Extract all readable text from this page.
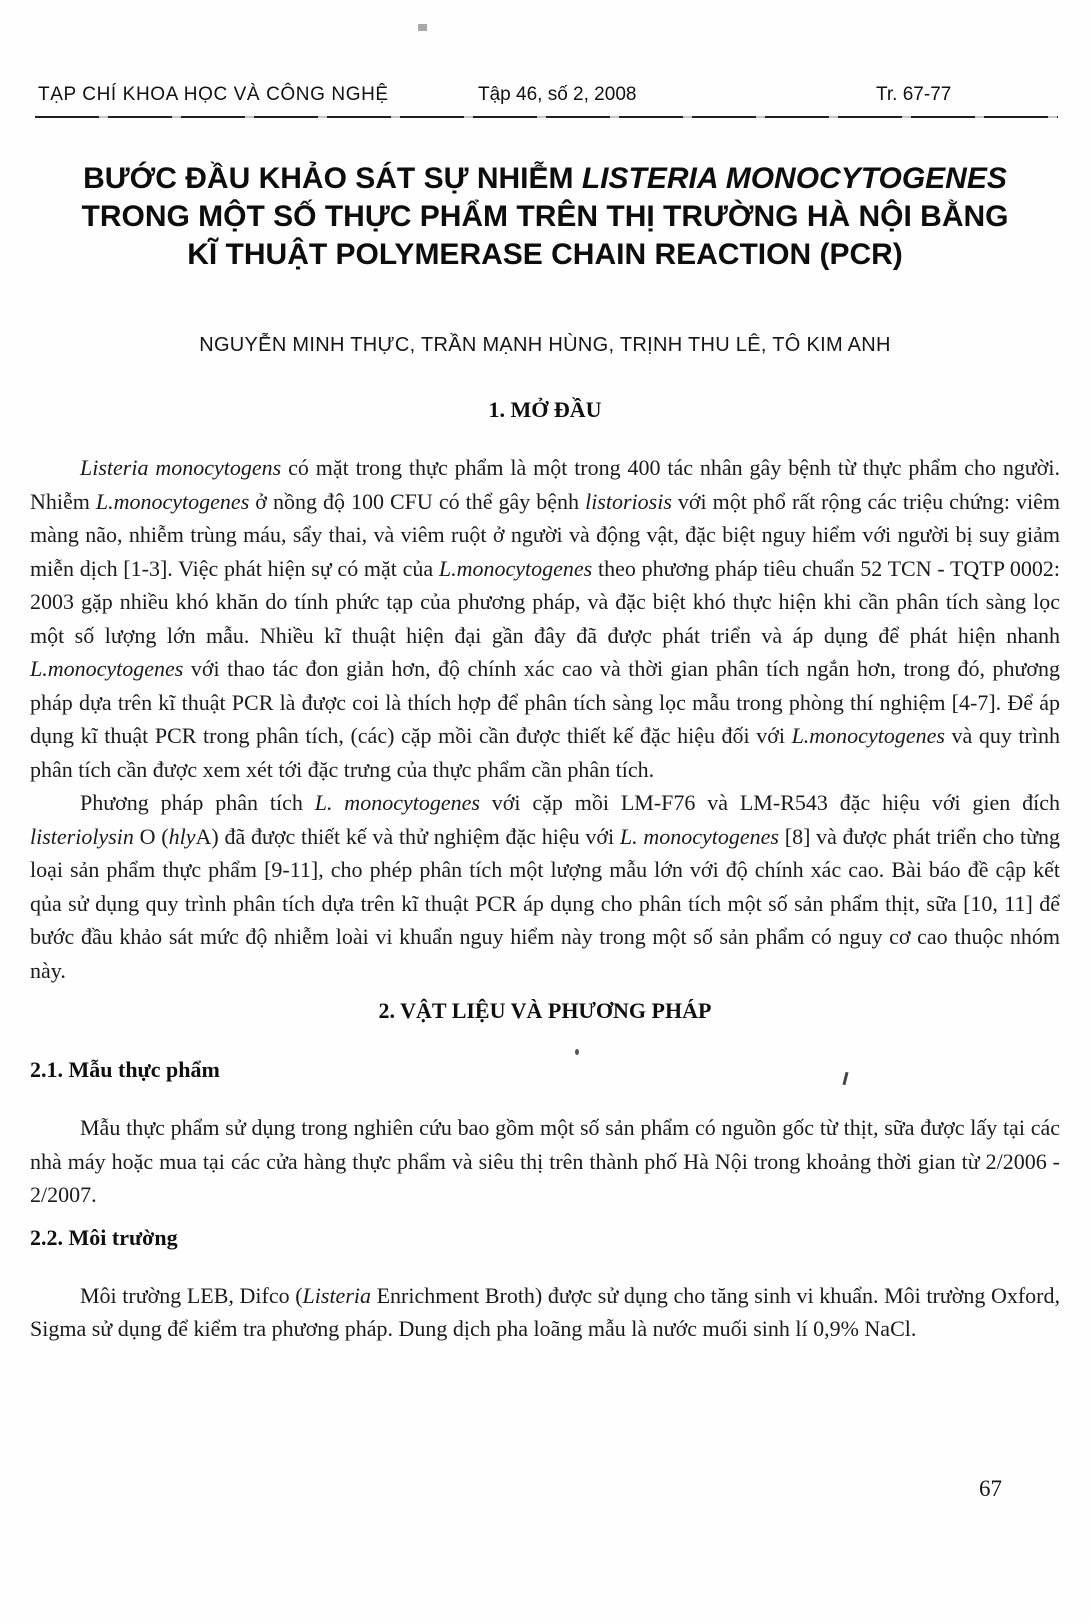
TẠP CHÍ KHOA HỌC VÀ CÔNG NGHỆ	Tập 46, số 2, 2008	Tr. 67-77
BƯỚC ĐẦU KHẢO SÁT SỰ NHIỄM LISTERIA MONOCYTOGENES TRONG MỘT SỐ THỰC PHẨM TRÊN THỊ TRƯỜNG HÀ NỘI BẰNG KĨ THUẬT POLYMERASE CHAIN REACTION (PCR)
NGUYỄN MINH THỰC, TRẦN MẠNH HÙNG, TRỊNH THU LÊ, TÔ KIM ANH
1. MỞ ĐẦU

Listeria monocytogens có mặt trong thực phẩm là một trong 400 tác nhân gây bệnh từ thực phẩm cho người. Nhiễm L.monocytogenes ở nồng độ 100 CFU có thể gây bệnh listoriosis với một phổ rất rộng các triệu chứng: viêm màng não, nhiễm trùng máu, sẩy thai, và viêm ruột ở người và động vật, đặc biệt nguy hiểm với người bị suy giảm miễn dịch [1-3]. Việc phát hiện sự có mặt của L.monocytogenes theo phương pháp tiêu chuẩn 52 TCN - TQTP 0002: 2003 gặp nhiều khó khăn do tính phức tạp của phương pháp, và đặc biệt khó thực hiện khi cần phân tích sàng lọc một số lượng lớn mẫu. Nhiều kĩ thuật hiện đại gần đây đã được phát triển và áp dụng để phát hiện nhanh L.monocytogenes với thao tác đon giản hơn, độ chính xác cao và thời gian phân tích ngắn hơn, trong đó, phương pháp dựa trên kĩ thuật PCR là được coi là thích hợp để phân tích sàng lọc mẫu trong phòng thí nghiệm [4-7]. Để áp dụng kĩ thuật PCR trong phân tích, (các) cặp mồi cần được thiết kế đặc hiệu đối với L.monocytogenes và quy trình phân tích cần được xem xét tới đặc trưng của thực phẩm cần phân tích.

Phương pháp phân tích L. monocytogenes với cặp mồi LM-F76 và LM-R543 đặc hiệu với gien đích listeriolysin O (hlyA) đã được thiết kế và thử nghiệm đặc hiệu với L. monocytogenes [8] và được phát triển cho từng loại sản phẩm thực phẩm [9-11], cho phép phân tích một lượng mẫu lớn với độ chính xác cao. Bài báo đề cập kết qủa sử dụng quy trình phân tích dựa trên kĩ thuật PCR áp dụng cho phân tích một số sản phẩm thịt, sữa [10, 11] để bước đầu khảo sát mức độ nhiễm loài vi khuẩn nguy hiểm này trong một số sản phẩm có nguy cơ cao thuộc nhóm này.

2. VẬT LIỆU VÀ PHƯƠNG PHÁP
2.1. Mẫu thực phẩm

Mẫu thực phẩm sử dụng trong nghiên cứu bao gồm một số sản phẩm có nguồn gốc từ thịt, sữa được lấy tại các nhà máy hoặc mua tại các cửa hàng thực phẩm và siêu thị trên thành phố Hà Nội trong khoảng thời gian từ 2/2006 - 2/2007.

2.2. Môi trường

Môi trường LEB, Difco (Listeria Enrichment Broth) được sử dụng cho tăng sinh vi khuẩn. Môi trường Oxford, Sigma sử dụng để kiểm tra phương pháp. Dung dịch pha loãng mẫu là nước muối sinh lí 0,9% NaCl.

67
